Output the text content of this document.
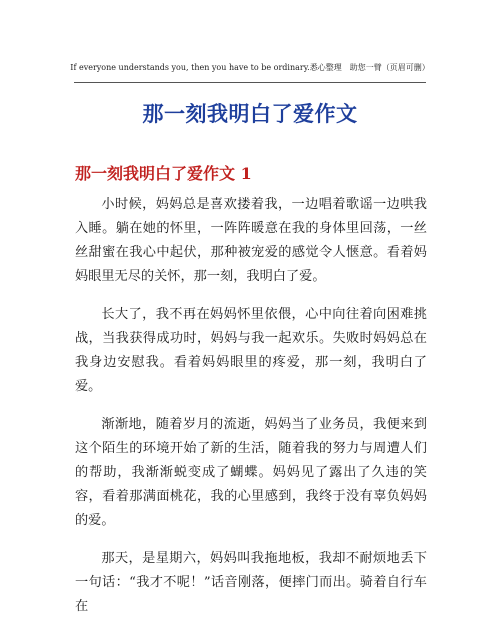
If everyone understands you, then you have to be ordinary.悉心整理　助您一臂（页眉可删）
那一刻我明白了爱作文
那一刻我明白了爱作文 1

小时候，妈妈总是喜欢搂着我，一边唱着歌谣一边哄我入睡。躺在她的怀里，一阵阵暖意在我的身体里回荡，一丝丝甜蜜在我心中起伏，那种被宠爱的感觉令人惬意。看着妈妈眼里无尽的关怀，那一刻，我明白了爱。

长大了，我不再在妈妈怀里依偎，心中向往着向困难挑战，当我获得成功时，妈妈与我一起欢乐。失败时妈妈总在我身边安慰我。看着妈妈眼里的疼爱，那一刻，我明白了爱。

渐渐地，随着岁月的流逝，妈妈当了业务员，我便来到这个陌生的环境开始了新的生活，随着我的努力与周遭人们的帮助，我渐渐蜕变成了蝴蝶。妈妈见了露出了久违的笑容，看着那满面桃花，我的心里感到，我终于没有辜负妈妈的爱。

那天，是星期六，妈妈叫我拖地板，我却不耐烦地丢下一句话：“我才不呢！”话音刚落，便摔门而出。骑着自行车在
